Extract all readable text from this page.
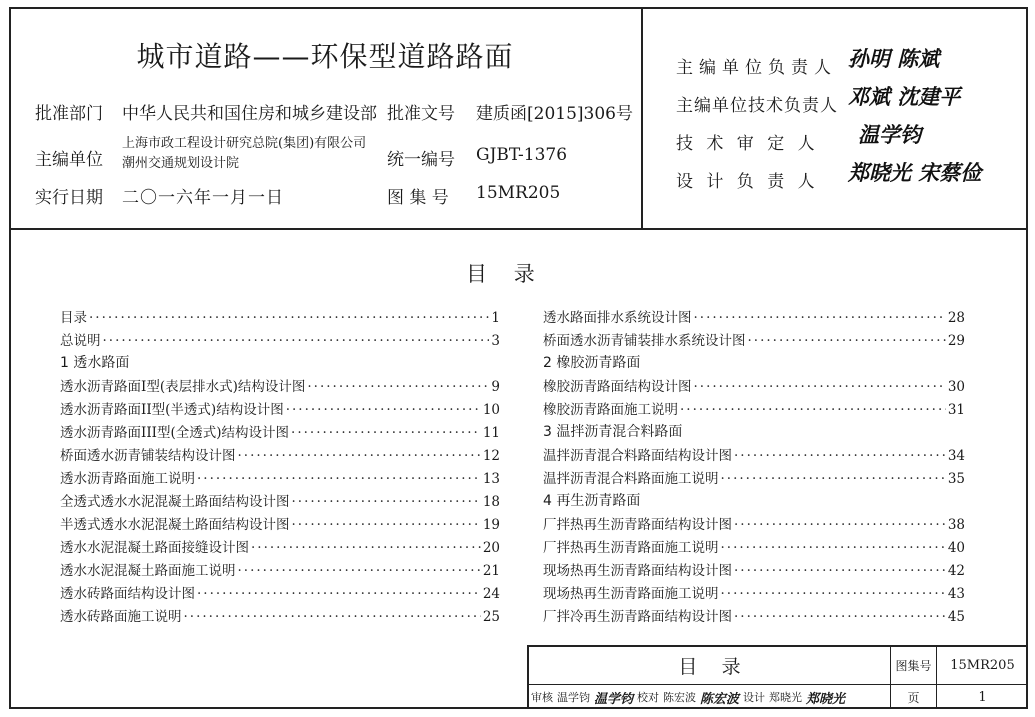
城市道路——环保型道路路面
批准部门 中华人民共和国住房和城乡建设部 批准文号 建质函[2015]306号
主编单位
上海市政工程设计研究总院(集团)有限公司
潮州交通规划设计院	统一编号 GJBT-1376
实行日期 二〇一六年一月一日	图 集 号 15MR205
主编单位负责人 孙明 陈斌
主编单位技术负责人 邓斌 沈建平
技 术 审 定 人 温学钧
设 计 负 责 人 郑晓光 宋蔡俭
目    录
目录 ·····	1
总说明 ·····	3
1 透水路面
透水沥青路面I型(表层排水式)结构设计图 ·····	9
透水沥青路面II型(半透式)结构设计图 ·····	10
透水沥青路面III型(全透式)结构设计图 ·····	11
桥面透水沥青铺装结构设计图 ·····	12
透水沥青路面施工说明 ·····	13
全透式透水水泥混凝土路面结构设计图 ·····	18
半透式透水水泥混凝土路面结构设计图 ·····	19
透水水泥混凝土路面接缝设计图 ·····	20
透水水泥混凝土路面施工说明 ·····	21
透水砖路面结构设计图 ·····	24
透水砖路面施工说明 ·····	25
透水路面排水系统设计图 ·····	28
桥面透水沥青铺装排水系统设计图 ·····	29
2 橡胶沥青路面
橡胶沥青路面结构设计图 ·····	30
橡胶沥青路面施工说明 ·····	31
3 温拌沥青混合料路面
温拌沥青混合料路面结构设计图 ·····	34
温拌沥青混合料路面施工说明 ·····	35
4 再生沥青路面
厂拌热再生沥青路面结构设计图 ·····	38
厂拌热再生沥青路面施工说明 ·····	40
现场热再生沥青路面结构设计图 ·····	42
现场热再生沥青路面施工说明 ·····	43
厂拌冷再生沥青路面结构设计图 ·····	45
目    录	图集号	15MR205
审核 温学钧 温学钧 校对 陈宏波 陈宏波 设计 郑晓光 郑晓光	页	1
